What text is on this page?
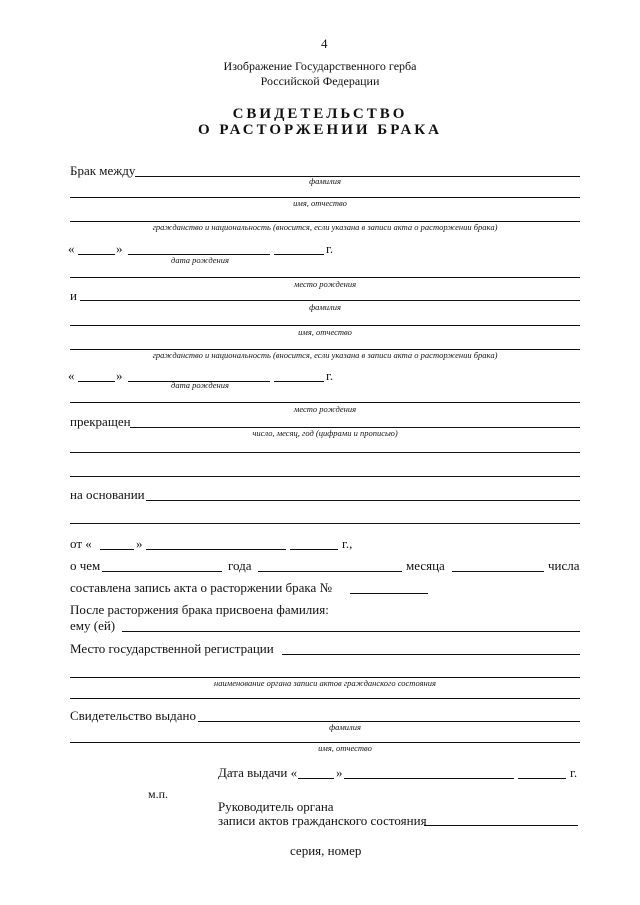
4
Изображение Государственного герба
Российской Федерации
СВИДЕТЕЛЬСТВО
О РАСТОРЖЕНИИ БРАКА
Брак между
фамилия
имя, отчество
гражданство и национальность (вносится, если указана в записи акта о расторжении брака)
«	»	г.
дата рождения
место рождения
и
фамилия
имя, отчество
гражданство и национальность (вносится, если указана в записи акта о расторжении брака)
«	»	г.
дата рождения
место рождения
прекращен
число, месяц, год (цифрами и прописью)
на основании
от «	»	г.,
о чем	года	месяца	числа
составлена запись акта о расторжении брака №
После расторжения брака присвоена фамилия:
ему (ей)
Место государственной регистрации
наименование органа записи актов гражданского состояния
Свидетельство выдано
фамилия
имя, отчество
Дата выдачи «	»	г.
м.п.
Руководитель органа
записи актов гражданского состояния
серия, номер
